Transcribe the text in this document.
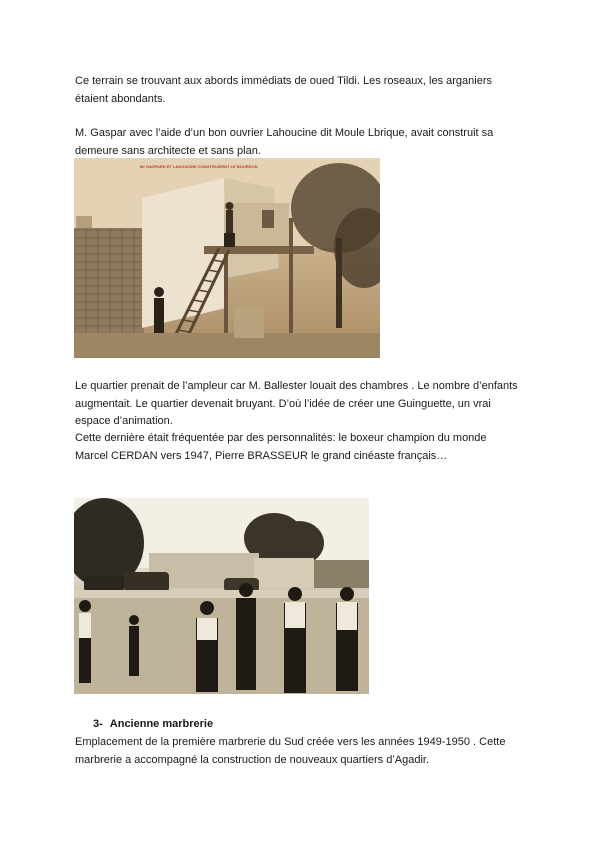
Ce terrain se trouvant aux abords immédiats de oued Tildi. Les roseaux, les arganiers
étaient abondants.

M. Gaspar avec l’aide d’un bon ouvrier Lahoucine dit Moule Lbrique, avait construit sa
demeure sans architecte et sans plan.

Mr GASPARD ET LAHOUCINE CONSTRUISENT LE BOURDON

Le quartier prenait de l’ampleur car M. Ballester louait des chambres . Le nombre d’enfants
augmentait. Le quartier devenait bruyant. D’où l’idée de créer une Guinguette, un vrai
espace d’animation.

Cette dernière était fréquentée par des personnalités: le boxeur champion du monde
Marcel CERDAN vers 1947, Pierre BRASSEUR le grand cinéaste français…

3- Ancienne marbrerie

Emplacement de la première marbrerie du Sud créée vers les années 1949-1950 . Cette
marbrerie a accompagné la construction de nouveaux quartiers d’Agadir.
